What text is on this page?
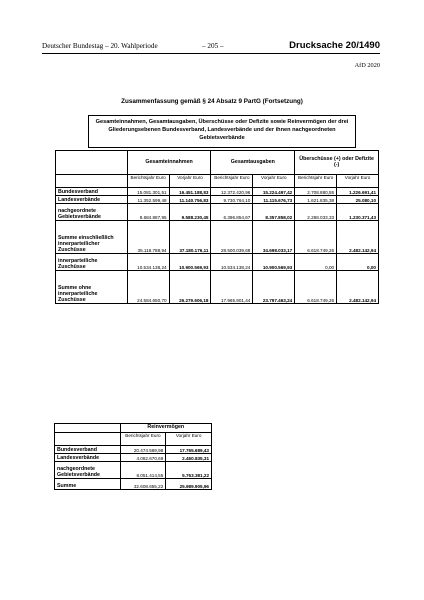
Deutscher Bundestag – 20. Wahlperiode	– 205 –	Drucksache 20/1490
AfD 2020
Zusammenfassung gemäß § 24 Absatz 9 PartG (Fortsetzung)
Gesamteinnahmen, Gesamtausgaben, Überschüsse oder Defizite sowie Reinvermögen der drei
Gliederungsebenen Bundesverband, Landesverbände und der ihnen nachgeordneten
Gebietsverbände
	Gesamteinnahmen		Gesamtausgaben		Überschüsse (+) oder Defizite (-)	
	Berichtsjahr Euro	Vorjahr Euro	Berichtsjahr Euro	Vorjahr Euro	Berichtsjahr Euro	Vorjahr Euro
Bundesverband	15.081.301,51	16.451.188,83	12.372.420,96	15.224.497,42	2.708.880,55	1.226.691,41
Landesverbände	11.352.599,48	11.140.756,83	9.730.764,10	11.115.676,73	1.621.835,38	25.080,10
nachgeordnete Gebietsverbände	8.684.887,95	9.588.230,45	6.396.854,67	8.357.858,02	2.288.033,33	1.230.371,43
Summe einschließlich innerparteilicher Zuschüsse	35.118.788,94	37.180.176,11	28.500.039,68	34.698.033,17	6.618.749,26	2.482.142,94
innerparteiliche Zuschüsse	10.534.138,24	10.900.569,93	10.534.138,24	10.900.569,93	0,00	0,00
Summe ohne innerparteiliche Zuschüsse	24.584.650,70	26.279.606,18	17.965.901,44	23.797.463,24	6.618.749,26	2.482.142,94
	Reinvermögen	
	Berichtsjahr Euro	Vorjahr Euro
Bundesverband	20.474.569,98	17.765.689,43
Landesverbände	4.082.670,69	2.460.835,31
nachgeordnete Gebietsverbände	8.051.414,55	5.763.381,22
Summe	32.608.655,22	25.989.905,96
